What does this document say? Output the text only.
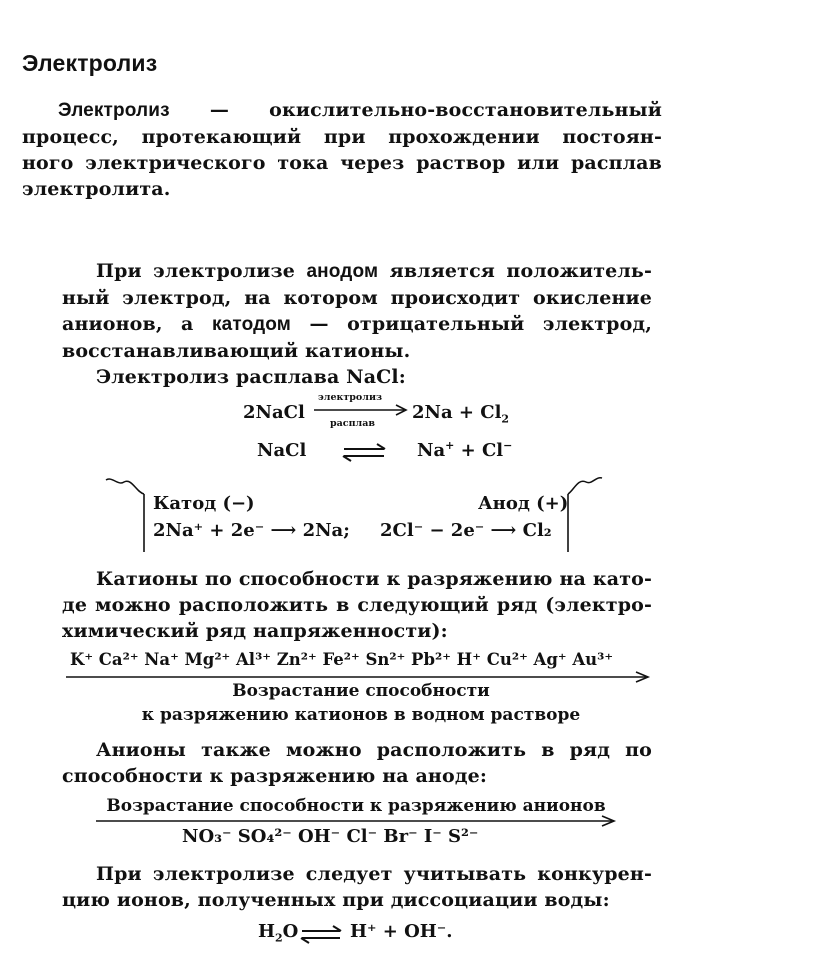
Электролиз
Электролиз — окислительно-восстановительный
процесс, протекающий при прохождении постоян-
ного электрического тока через раствор или расплав
электролита.
При электролизе анодом является положитель-
ный электрод, на котором происходит окисление
анионов, а катодом — отрицательный электрод,
восстанавливающий катионы.
Электролиз расплава NaCl:
2NaCl
электролиз
расплав
$2Na + Cl_2$
NaCl	Na+ + Cl−
Катод (−)	Анод (+)
2Na⁺ + 2e⁻ ⟶ 2Na; 2Cl⁻ − 2e⁻ ⟶ Cl₂
Катионы по способности к разряжению на като-
де можно расположить в следующий ряд (электро-
химический ряд напряженности):
K⁺ Ca²⁺ Na⁺ Mg²⁺ Al³⁺ Zn²⁺ Fe²⁺ Sn²⁺ Pb²⁺ H⁺ Cu²⁺ Ag⁺ Au³⁺
Возрастание способности
к разряжению катионов в водном растворе
Анионы также можно расположить в ряд по
способности к разряжению на аноде:
Возрастание способности к разряжению анионов
NO₃⁻ SO₄²⁻ OH⁻ Cl⁻ Br⁻ I⁻ S²⁻
При электролизе следует учитывать конкурен-
цию ионов, полученных при диссоциации воды:
$H_2O$	H⁺ + OH⁻.
